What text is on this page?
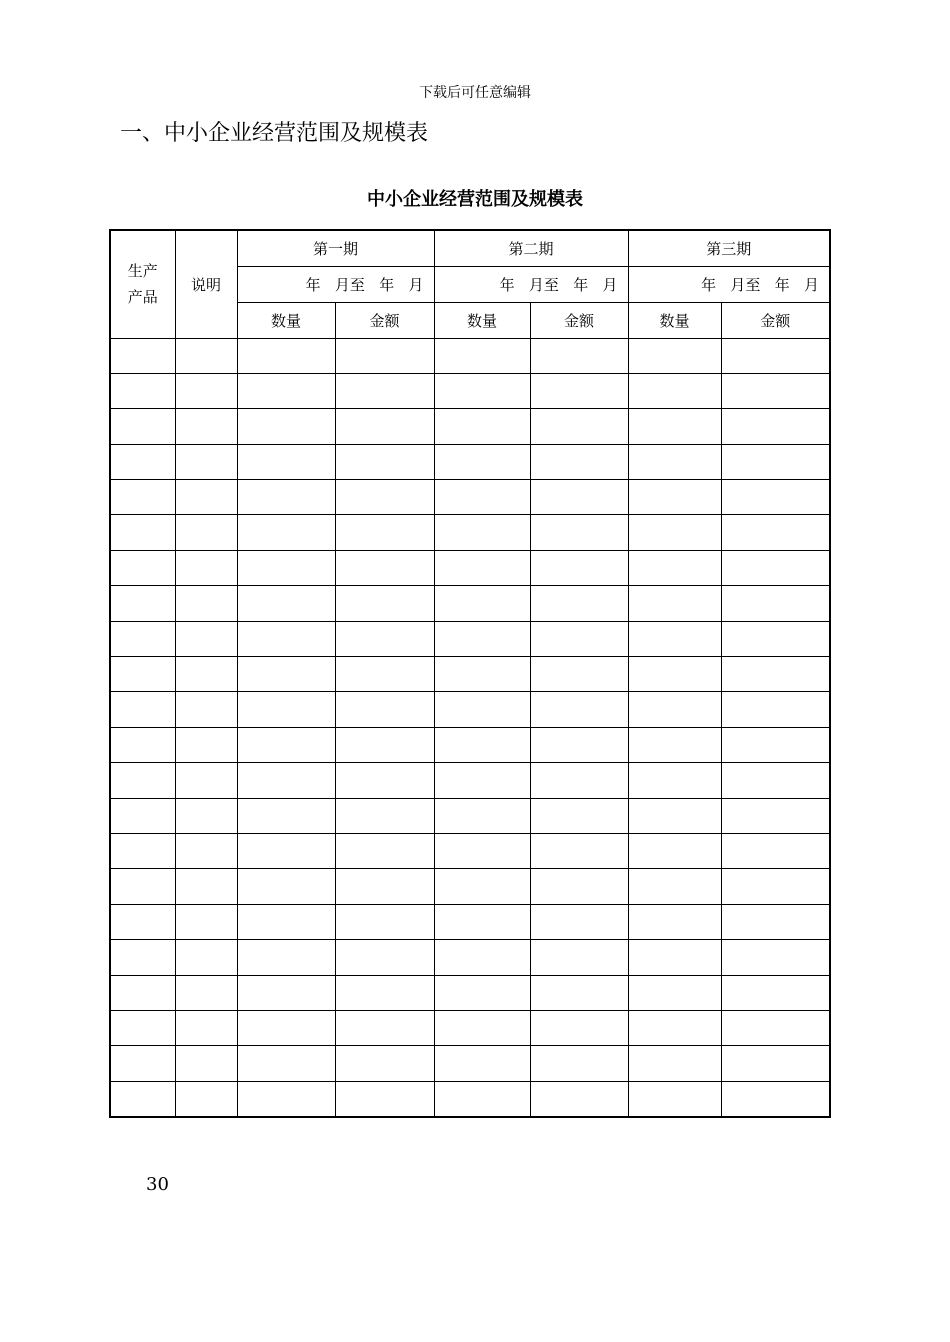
下载后可任意编辑
一、中小企业经营范围及规模表
中小企业经营范围及规模表
生产
产品	说明	第一期		第二期		第三期	

		年   月至   年   月		年   月至   年   月		年   月至   年   月	

		数量	金额	数量	金额	数量	金额

30
